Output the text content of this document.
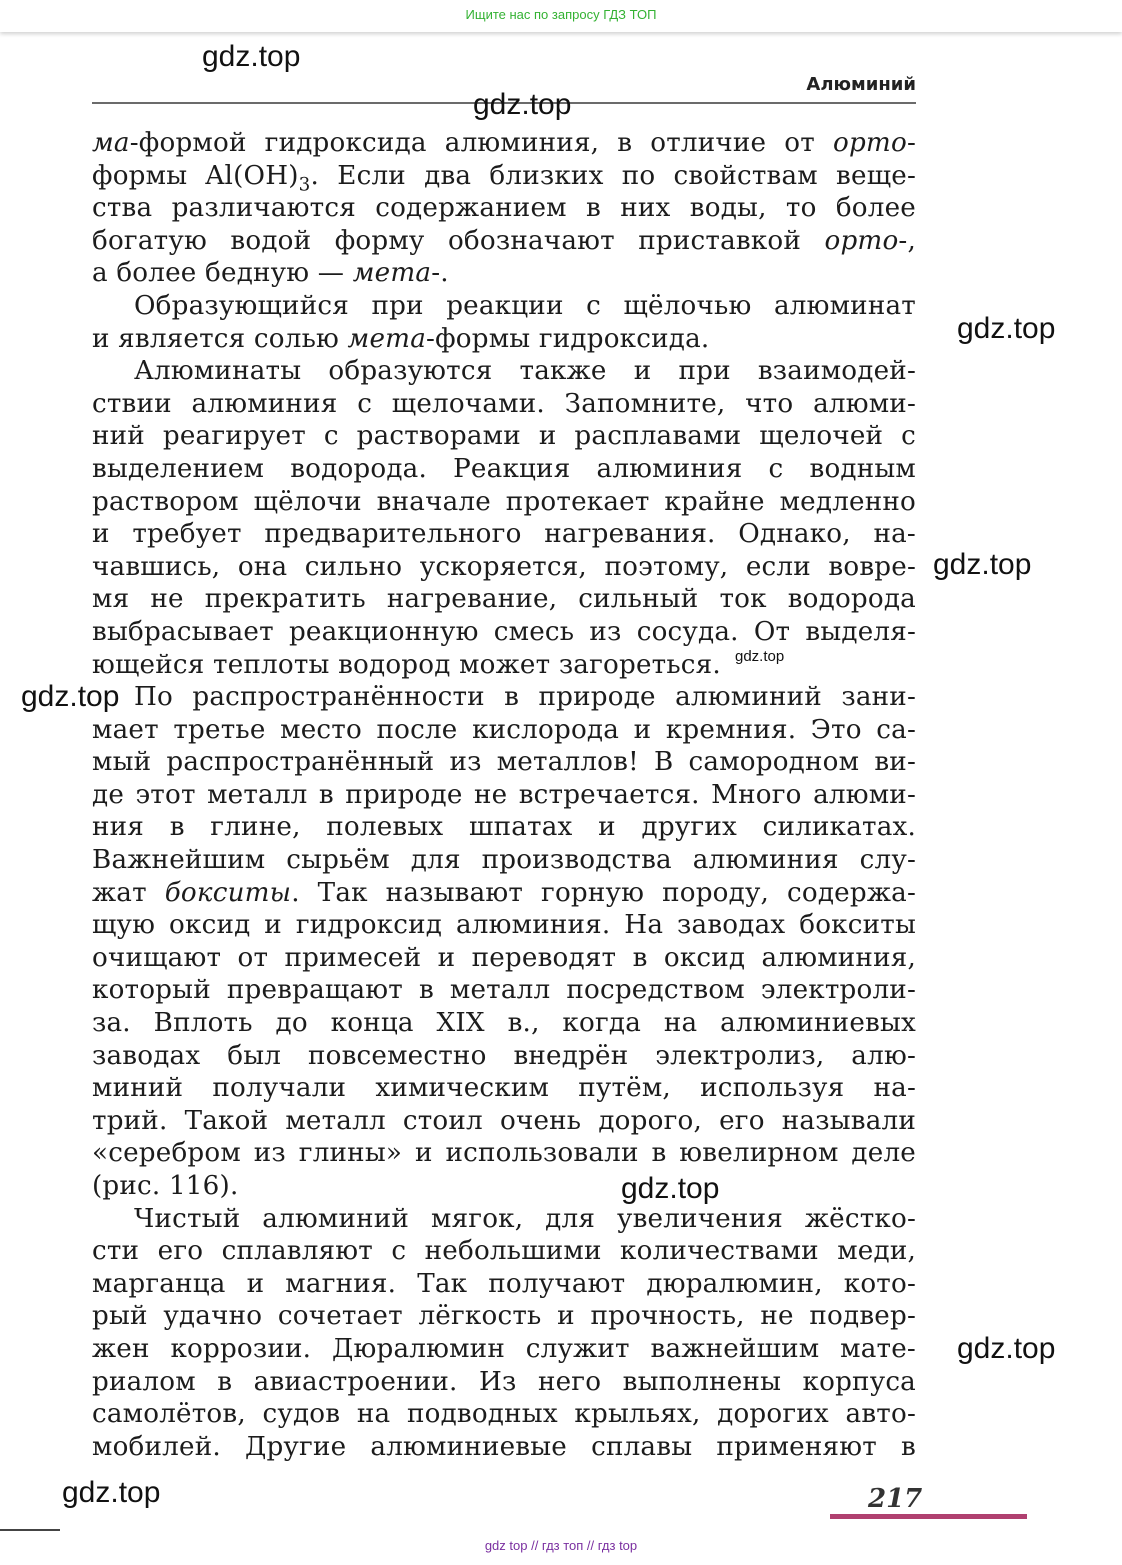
Ищите нас по запросу ГДЗ ТОП
Алюминий
gdz.top
gdz.top
gdz.top
gdz.top
gdz.top
gdz.top
gdz.top
gdz.top
gdz.top
ма-формой гидроксида алюминия, в отличие от орто-
формы $Al(OH)_3$. Если два близких по свойствам веще-
ства различаются содержанием в них воды, то более
богатую водой форму обозначают приставкой орто-,
а более бедную — мета-.
Образующийся при реакции с щёлочью алюминат
и является солью мета-формы гидроксида.
Алюминаты образуются также и при взаимодей-
ствии алюминия с щелочами. Запомните, что алюми-
ний реагирует с растворами и расплавами щелочей с
выделением водорода. Реакция алюминия с водным
раствором щёлочи вначале протекает крайне медленно
и требует предварительного нагревания. Однако, на-
чавшись, она сильно ускоряется, поэтому, если вовре-
мя не прекратить нагревание, сильный ток водорода
выбрасывает реакционную смесь из сосуда. От выделя-
ющейся теплоты водород может загореться.
По распространённости в природе алюминий зани-
мает третье место после кислорода и кремния. Это са-
мый распространённый из металлов! В самородном ви-
де этот металл в природе не встречается. Много алюми-
ния в глине, полевых шпатах и других силикатах.
Важнейшим сырьём для производства алюминия слу-
жат бокситы. Так называют горную породу, содержа-
щую оксид и гидроксид алюминия. На заводах бокситы
очищают от примесей и переводят в оксид алюминия,
который превращают в металл посредством электроли-
за. Вплоть до конца XIX в., когда на алюминиевых
заводах был повсеместно внедрён электролиз, алю-
миний получали химическим путём, используя на-
трий. Такой металл стоил очень дорого, его называли
«серебром из глины» и использовали в ювелирном деле
(рис. 116).
Чистый алюминий мягок, для увеличения жёстко-
сти его сплавляют с небольшими количествами меди,
марганца и магния. Так получают дюралюмин, кото-
рый удачно сочетает лёгкость и прочность, не подвер-
жен коррозии. Дюралюмин служит важнейшим мате-
риалом в авиастроении. Из него выполнены корпуса
самолётов, судов на подводных крыльях, дорогих авто-
мобилей. Другие алюминиевые сплавы применяют в
217
gdz top // гдз топ // гдз top
